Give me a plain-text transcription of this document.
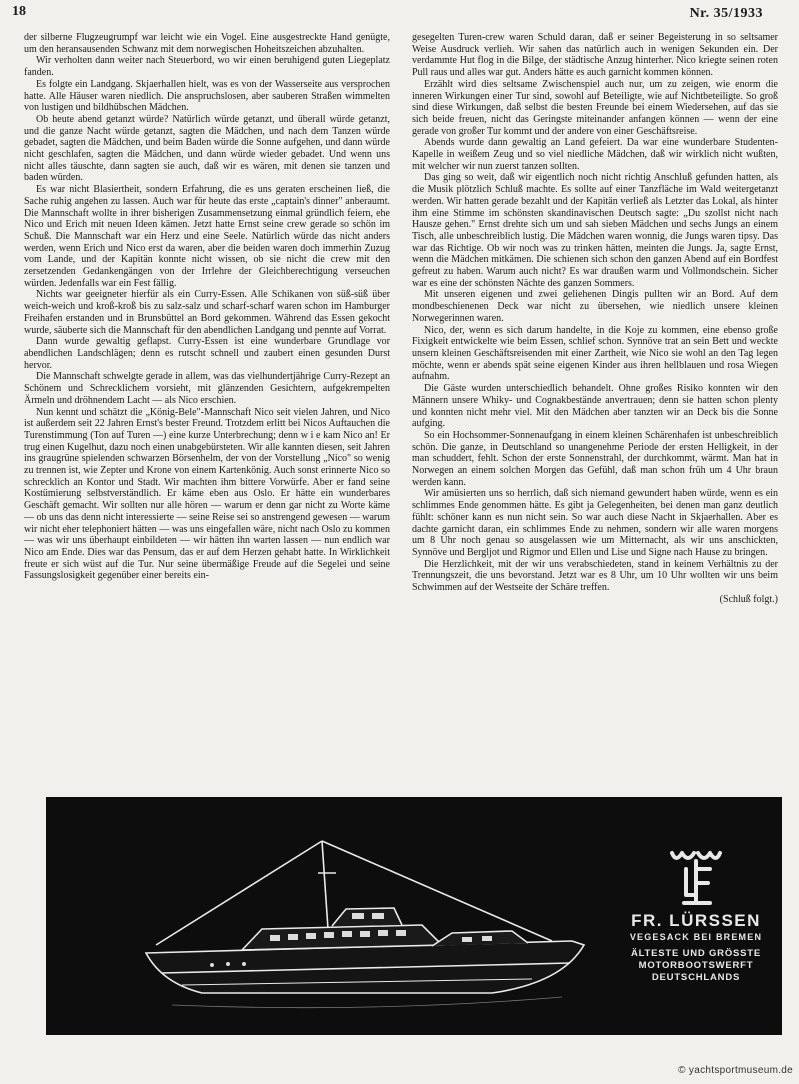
18	Nr. 35/1933

der silberne Flugzeugrumpf war leicht wie ein Vogel. Eine ausgestreckte Hand genügte, um den heransausenden Schwanz mit dem norwegischen Hoheitszeichen abzuhalten.

Wir verholten dann weiter nach Steuerbord, wo wir einen beruhigend guten Liegeplatz fanden.

Es folgte ein Landgang. Skjaerhallen hielt, was es von der Wasserseite aus versprochen hatte. Alle Häuser waren niedlich. Die anspruchslosen, aber sauberen Straßen wimmelten von lustigen und bildhübschen Mädchen.

Ob heute abend getanzt würde? Natürlich würde getanzt, und überall würde getanzt, und die ganze Nacht würde getanzt, sagten die Mädchen, und nach dem Tanzen würde gebadet, sagten die Mädchen, und beim Baden würde die Sonne aufgehen, und dann würde nicht geschlafen, sagten die Mädchen, und dann würde wieder gebadet. Und wenn uns nicht alles täuschte, dann sagten sie auch, daß wir es wären, mit denen sie tanzen und baden würden.

Es war nicht Blasiertheit, sondern Erfahrung, die es uns geraten erscheinen ließ, die Sache ruhig angehen zu lassen. Auch war für heute das erste „captain's dinner" anberaumt. Die Mannschaft wollte in ihrer bisherigen Zusammensetzung einmal gründlich feiern, ehe Nico und Erich mit neuen Ideen kämen. Jetzt hatte Ernst seine crew gerade so schön im Schuß. Die Mannschaft war ein Herz und eine Seele. Natürlich würde das nicht anders werden, wenn Erich und Nico erst da waren, aber die beiden waren doch immerhin Zuzug vom Lande, und der Kapitän konnte nicht wissen, ob sie nicht die crew mit den zersetzenden Gedankengängen von der Irrlehre der Gleichberechtigung verseuchen würden. Jedenfalls war ein Fest fällig.

Nichts war geeigneter hierfür als ein Curry-Essen. Alle Schikanen von süß-süß über weich-weich und kroß-kroß bis zu salz-salz und scharf-scharf waren schon im Hamburger Freihafen erstanden und in Brunsbüttel an Bord gekommen. Während das Essen gekocht wurde, säuberte sich die Mannschaft für den abendlichen Landgang und pennte auf Vorrat.

Dann wurde gewaltig geflapst. Curry-Essen ist eine wunderbare Grundlage vor abendlichen Landschlägen; denn es rutscht schnell und zaubert einen gesunden Durst hervor.

Die Mannschaft schwelgte gerade in allem, was das vielhundertjährige Curry-Rezept an Schönem und Schrecklichem vorsieht, mit glänzenden Gesichtern, aufgekrempelten Ärmeln und dröhnendem Lacht — als Nico erschien.

Nun kennt und schätzt die „König-Bele"-Mannschaft Nico seit vielen Jahren, und Nico ist außerdem seit 22 Jahren Ernst's bester Freund. Trotzdem erlitt bei Nicos Auftauchen die Turenstimmung (Ton auf Turen —) eine kurze Unterbrechung; denn w i e kam Nico an! Er trug einen Kugelhut, dazu noch einen unabgebürsteten. Wir alle kannten diesen, seit Jahren ins graugrüne spielenden schwarzen Börsenhelm, der von der Vorstellung „Nico" so wenig zu trennen ist, wie Zepter und Krone von einem Kartenkönig. Auch sonst erinnerte Nico so schrecklich an Kontor und Stadt. Wir machten ihm bittere Vorwürfe. Aber er fand seine Kostümierung selbstverständlich. Er käme eben aus Oslo. Er hätte ein wunderbares Geschäft gemacht. Wir sollten nur alle hören — warum er denn gar nicht zu Worte käme — ob uns das denn nicht interessierte — seine Reise sei so anstrengend gewesen — warum wir nicht eher telephoniert hätten — was uns eingefallen wäre, nicht nach Oslo zu kommen — was wir uns überhaupt einbildeten — wir hätten ihn warten lassen — nun endlich war Nico am Ende. Dies war das Pensum, das er auf dem Herzen gehabt hatte. In Wirklichkeit freute er sich wüst auf die Tur. Nur seine übermäßige Freude auf die Segelei und seine Fassungslosigkeit gegenüber einer bereits ein-

gesegelten Turen-crew waren Schuld daran, daß er seiner Begeisterung in so seltsamer Weise Ausdruck verlieh. Wir sahen das natürlich auch in wenigen Sekunden ein. Der verdammte Hut flog in die Bilge, der städtische Anzug hinterher. Nico kriegte seinen roten Pull raus und alles war gut. Anders hätte es auch garnicht kommen können.

Erzählt wird dies seltsame Zwischenspiel auch nur, um zu zeigen, wie enorm die inneren Wirkungen einer Tur sind, sowohl auf Beteiligte, wie auf Nichtbeteiligte. So groß sind diese Wirkungen, daß selbst die besten Freunde bei einem Wiedersehen, auf das sie sich beide freuen, nicht das Geringste miteinander anfangen können — wenn der eine gerade von großer Tur kommt und der andere von einer Geschäftsreise.

Abends wurde dann gewaltig an Land gefeiert. Da war eine wunderbare Studenten-Kapelle in weißem Zeug und so viel niedliche Mädchen, daß wir wirklich nicht wußten, mit welcher wir nun zuerst tanzen sollten.

Das ging so weit, daß wir eigentlich noch nicht richtig Anschluß gefunden hatten, als die Musik plötzlich Schluß machte. Es sollte auf einer Tanzfläche im Wald weitergetanzt werden. Wir hatten gerade bezahlt und der Kapitän verließ als Letzter das Lokal, als hinter ihm eine Stimme im schönsten skandinavischen Deutsch sagte: „Du szollst nicht nach Hausze gehen." Ernst drehte sich um und sah sieben Mädchen und sechs Jungs an einem Tisch, alle unbeschreiblich lustig. Die Mädchen waren wonnig, die Jungs waren tipsy. Das war das Richtige. Ob wir noch was zu trinken hätten, meinten die Jungs. Ja, sagte Ernst, wenn die Mädchen mitkämen. Die schienen sich schon den ganzen Abend auf ein Bordfest gefreut zu haben. Warum auch nicht? Es war draußen warm und Vollmondschein. Sicher war es eine der schönsten Nächte des ganzen Sommers.

Mit unseren eigenen und zwei geliehenen Dingis pullten wir an Bord. Auf dem mondbeschienenen Deck war nicht zu übersehen, wie niedlich unsere kleinen Norwegerinnen waren.

Nico, der, wenn es sich darum handelte, in die Koje zu kommen, eine ebenso große Fixigkeit entwickelte wie beim Essen, schlief schon. Synnöve trat an sein Bett und weckte unsern kleinen Geschäftsreisenden mit einer Zartheit, wie Nico sie wohl an den Tag legen möchte, wenn er abends spät seine eigenen Kinder aus ihren hellblauen und rosa Wiegen aufnahm.

Die Gäste wurden unterschiedlich behandelt. Ohne großes Risiko konnten wir den Männern unsere Whiky- und Cognakbestände anvertrauen; denn sie hatten schon plenty und konnten nicht mehr viel. Mit den Mädchen aber tanzten wir an Deck bis die Sonne aufging.

So ein Hochsommer-Sonnenaufgang in einem kleinen Schärenhafen ist unbeschreiblich schön. Die ganze, in Deutschland so unangenehme Periode der ersten Helligkeit, in der man schuddert, fehlt. Schon der erste Sonnenstrahl, der durchkommt, wärmt. Man hat in Norwegen an einem solchen Morgen das Gefühl, daß man schon früh um 4 Uhr braun werden kann.

Wir amüsierten uns so herrlich, daß sich niemand gewundert haben würde, wenn es ein schlimmes Ende genommen hätte. Es gibt ja Gelegenheiten, bei denen man ganz deutlich fühlt: schöner kann es nun nicht sein. So war auch diese Nacht in Skjaerhallen. Aber es dachte garnicht daran, ein schlimmes Ende zu nehmen, sondern wir alle waren morgens um 8 Uhr noch genau so ausgelassen wie um Mitternacht, als wir uns anschickten, Synnöve und Bergljot und Rigmor und Ellen und Lise und Signe nach Hause zu bringen.

Die Herzlichkeit, mit der wir uns verabschiedeten, stand in keinem Verhältnis zu der Trennungszeit, die uns bevorstand. Jetzt war es 8 Uhr, um 10 Uhr wollten wir uns beim Schwimmen auf der Westseite der Schäre treffen.

(Schluß folgt.)
FR. LÜRSSEN
VEGESACK BEI BREMEN
ÄLTESTE UND GRÖSSTE
MOTORBOOTSWERFT
DEUTSCHLANDS
© yachtsportmuseum.de
